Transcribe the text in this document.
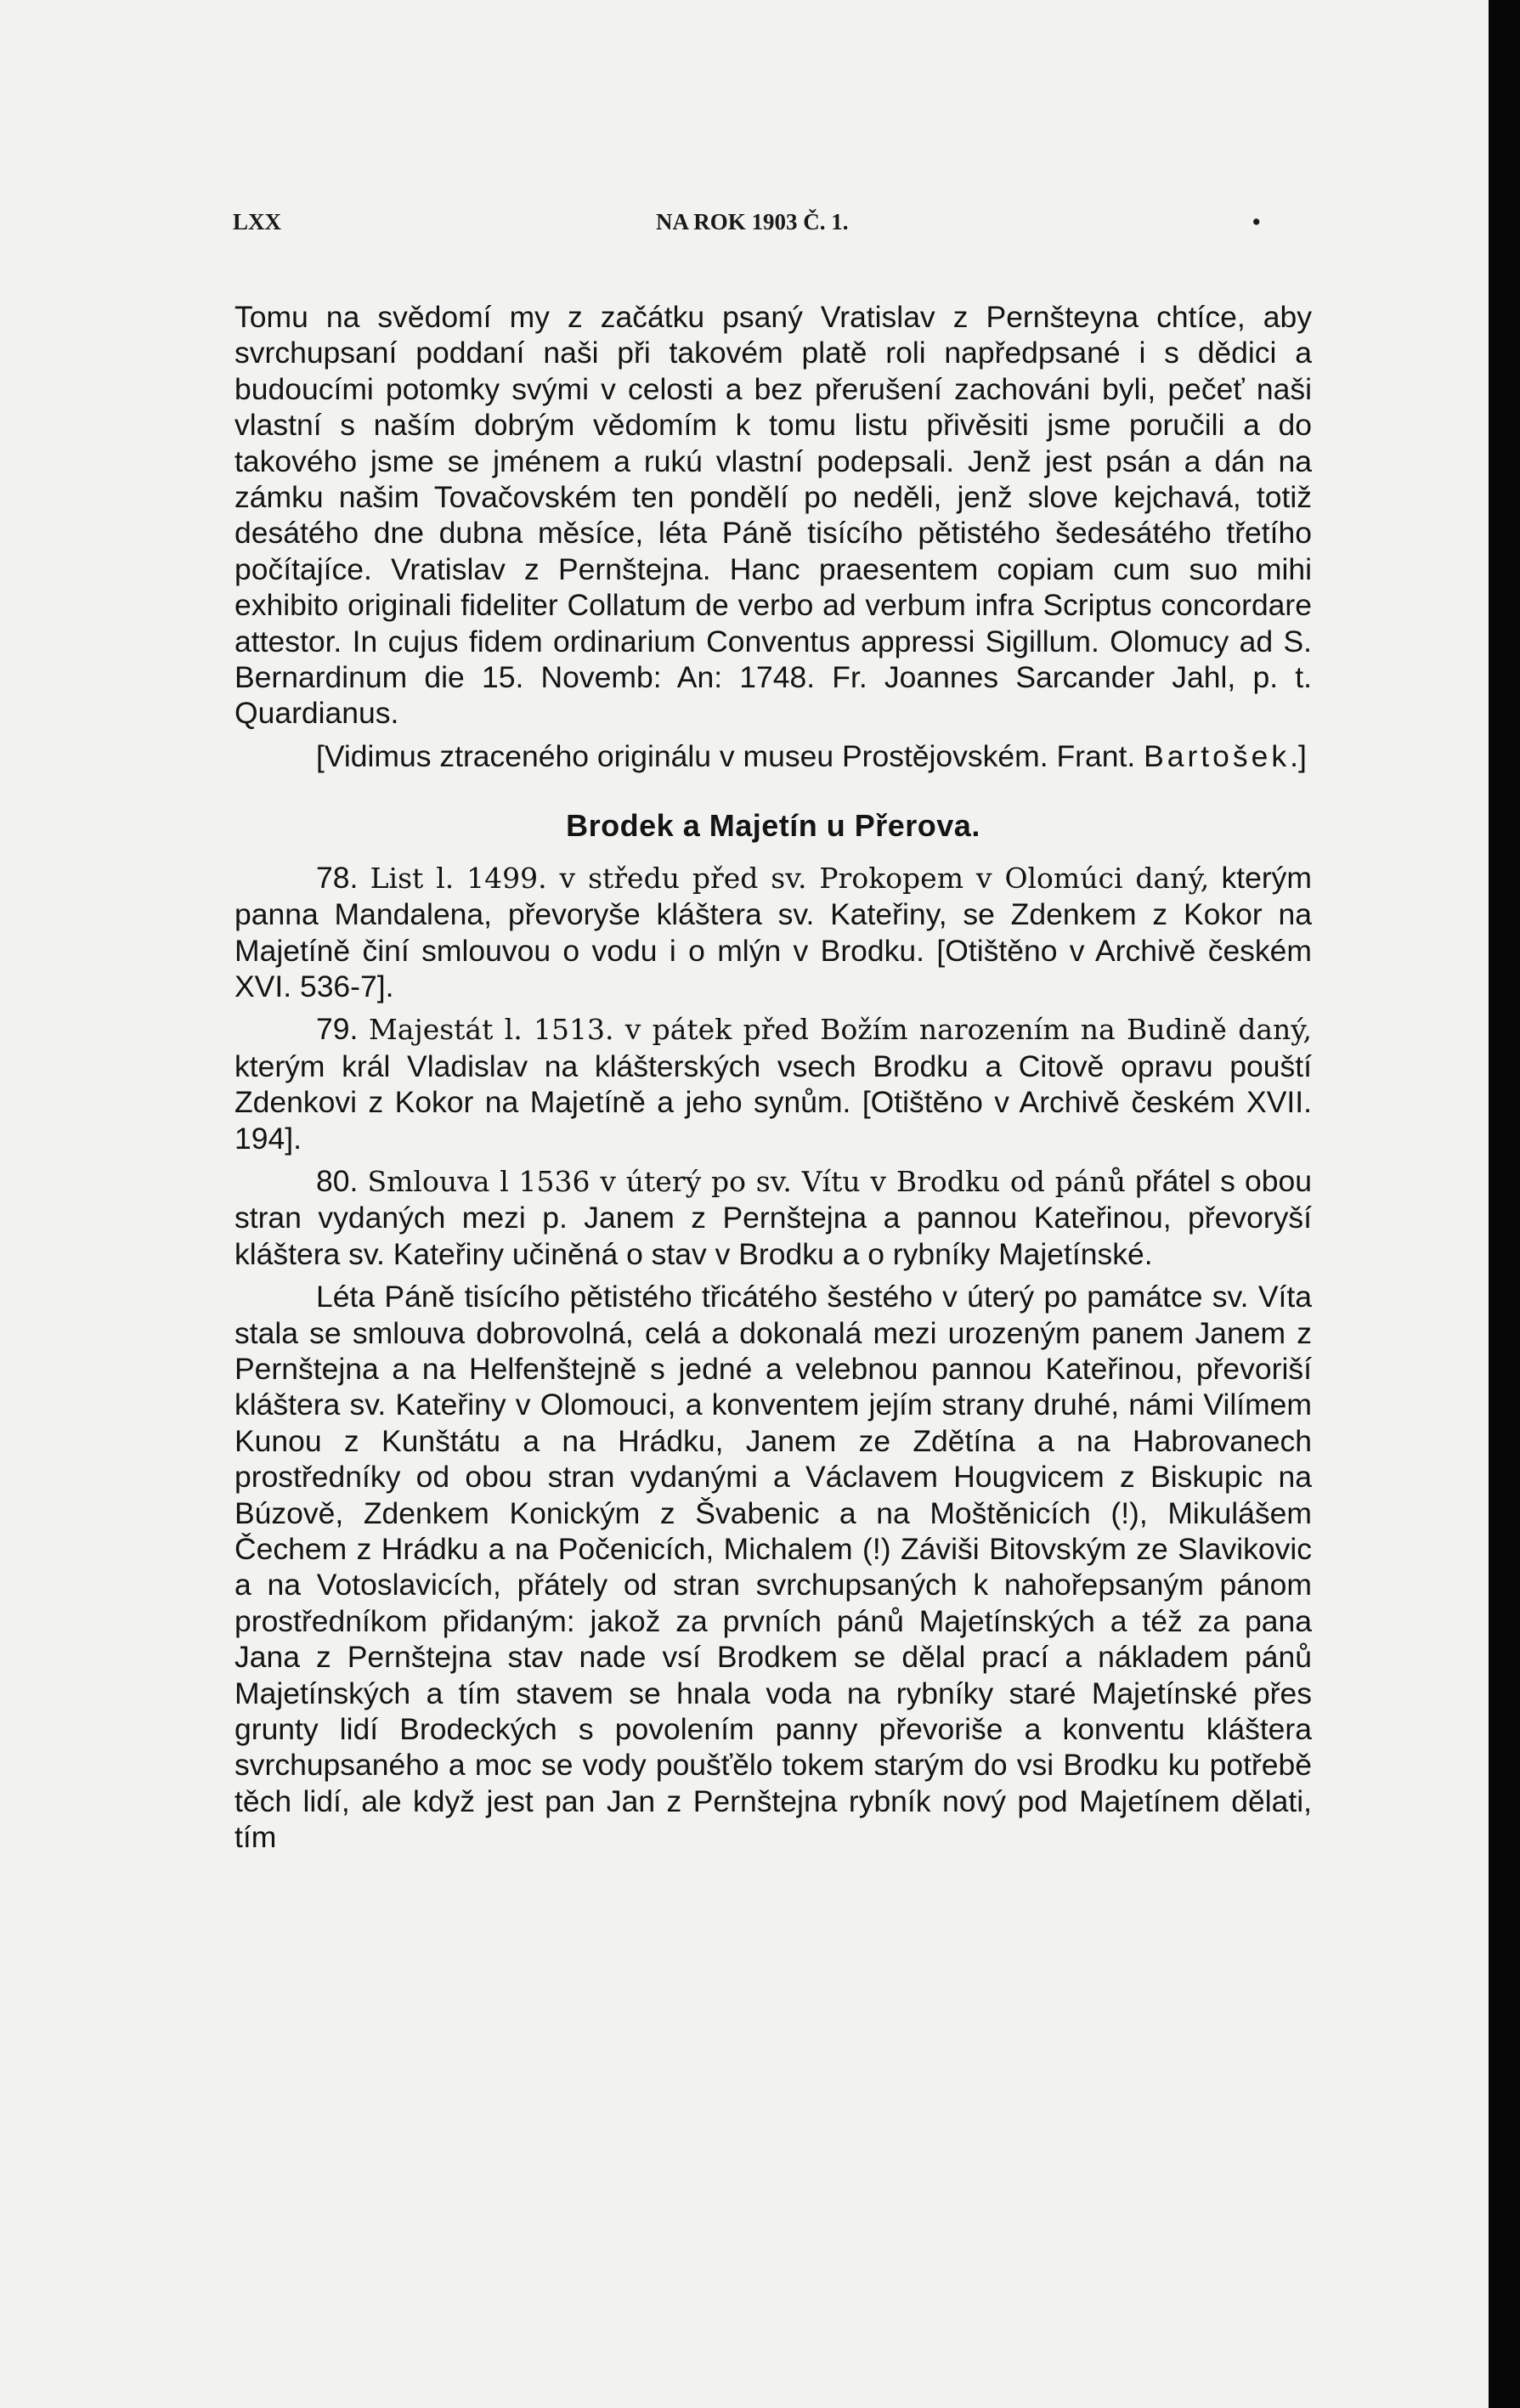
LXX	NA ROK 1903 Č. 1.	•

Tomu na svědomí my z začátku psaný Vratislav z Pernšteyna chtíce, aby svrchupsaní poddaní naši při takovém platě roli napředpsané i s dědici a budoucími potomky svými v celosti a bez přerušení zachováni byli, pečeť naši vlastní s naším dobrým vědomím k tomu listu přivěsiti jsme poručili a do takového jsme se jménem a rukú vlastní podepsali. Jenž jest psán a dán na zámku našim Tovačovském ten pondělí po neděli, jenž slove kejchavá, totiž desátého dne dubna měsíce, léta Páně tisícího pětistého šedesátého třetího počítajíce. Vratislav z Pernštejna. Hanc praesentem copiam cum suo mihi exhibito originali fideliter Collatum de verbo ad verbum infra Scriptus concordare attestor. In cujus fidem ordinarium Conventus appressi Sigillum. Olomucy ad S. Bernardinum die 15. Novemb: An: 1748. Fr. Joannes Sarcander Jahl, p. t. Quardianus.

[Vidimus ztraceného originálu v museu Prostějovském. Frant. Bartošek.]

Brodek a Majetín u Přerova.

78. List l. 1499. v středu před sv. Prokopem v Olomúci daný, kterým panna Mandalena, převoryše kláštera sv. Kateřiny, se Zdenkem z Kokor na Majetíně činí smlouvou o vodu i o mlýn v Brodku. [Otištěno v Archivě českém XVI. 536-7].

79. Majestát l. 1513. v pátek před Božím narozením na Budině daný, kterým král Vladislav na klášterských vsech Brodku a Citově opravu pouští Zdenkovi z Kokor na Majetíně a jeho synům. [Otištěno v Archivě českém XVII. 194].

80. Smlouva l 1536 v úterý po sv. Vítu v Brodku od pánů přátel s obou stran vydaných mezi p. Janem z Pernštejna a pannou Kateřinou, převoryší kláštera sv. Kateřiny učiněná o stav v Brodku a o rybníky Majetínské.

Léta Páně tisícího pětistého třicátého šestého v úterý po památce sv. Víta stala se smlouva dobrovolná, celá a dokonalá mezi urozeným panem Janem z Pernštejna a na Helfenštejně s jedné a velebnou pannou Kateřinou, převoriší kláštera sv. Kateřiny v Olomouci, a konventem jejím strany druhé, námi Vilímem Kunou z Kunštátu a na Hrádku, Janem ze Zdětína a na Habrovanech prostředníky od obou stran vydanými a Václavem Hougvicem z Biskupic na Búzově, Zdenkem Konickým z Švabenic a na Moštěnicích (!), Mikulášem Čechem z Hrádku a na Počenicích, Michalem (!) Záviši Bitovským ze Slavikovic a na Votoslavicích, přátely od stran svrchupsaných k nahořepsaným pánom prostředníkom přidaným: jakož za prvních pánů Majetínských a též za pana Jana z Pernštejna stav nade vsí Brodkem se dělal prací a nákladem pánů Majetínských a tím stavem se hnala voda na rybníky staré Majetínské přes grunty lidí Brodeckých s povolením panny převoriše a konventu kláštera svrchupsaného a moc se vody poušťělo tokem starým do vsi Brodku ku potřebě těch lidí, ale když jest pan Jan z Pernštejna rybník nový pod Majetínem dělati, tím
